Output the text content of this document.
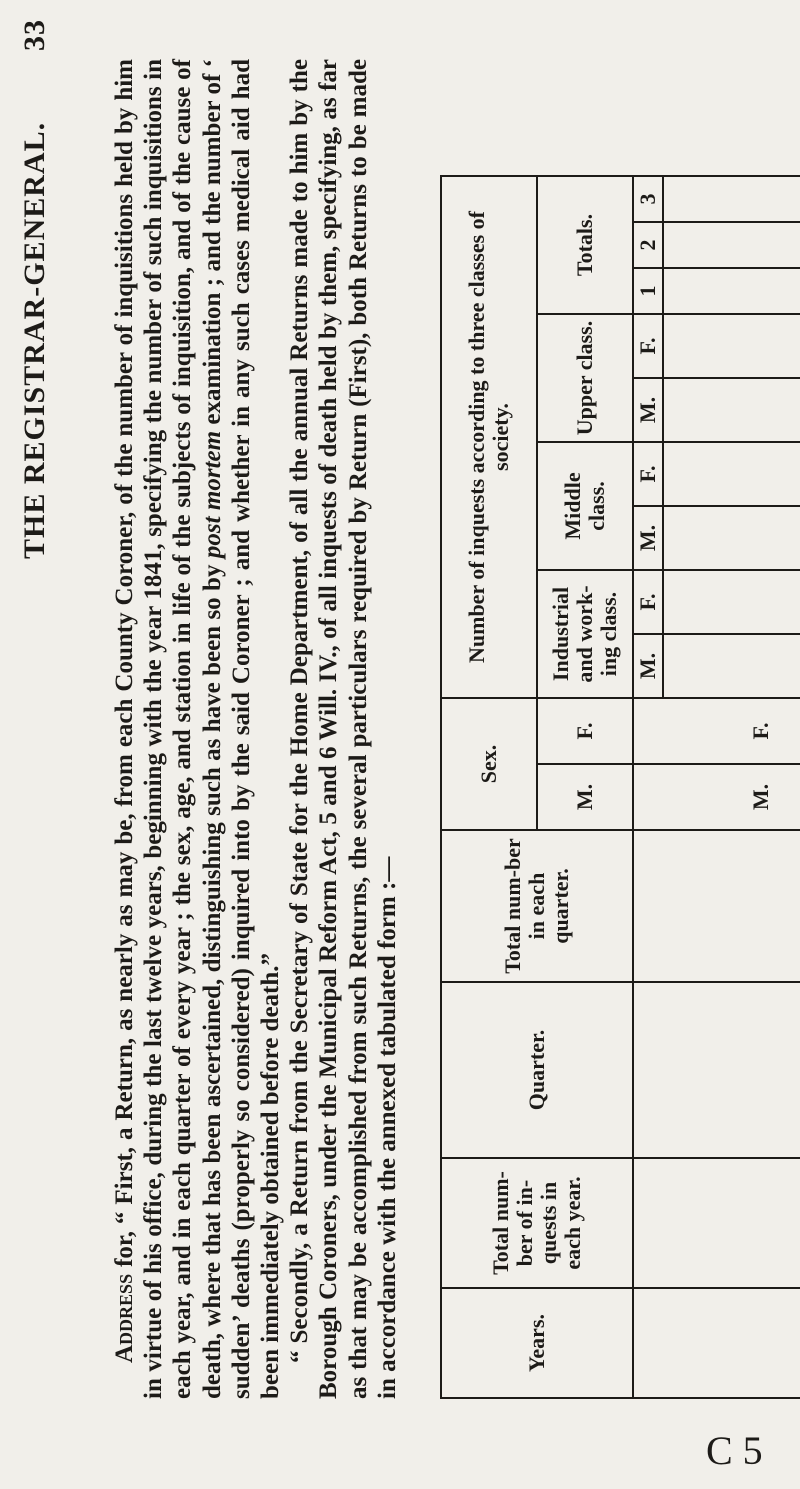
THE REGISTRAR-GENERAL.
33

Address for, “ First, a Return, as nearly as may be, from each County Coroner, of the number of inquisitions held by him in virtue of his office, during the last twelve years, beginning with the year 1841, specifying the number of such inquisitions in each year, and in each quarter of every year ; the sex, age, and station in life of the subjects of inquisition, and of the cause of death, where that has been ascertained, distinguishing such as have been so by post mortem examination ; and the number of ‘ sudden’ deaths (properly so considered) inquired into by the said Coroner ; and whether in any such cases medical aid had been immediately obtained before death.” “ Secondly, a Return from the Secretary of State for the Home Department, of all the annual Returns made to him by the Borough Coroners, under the Municipal Reform Act, 5 and 6 Will. IV., of all inquests of death held by them, specifying, as far as that may be accomplished from such Returns, the several particulars required by Return (First), both Returns to be made in accordance with the annexed tabulated form :—	Years.	Total num-ber of in-quests in each year.	Quarter.	Total num-ber in each quarter.	Sex.		Number of inquests according to three classes of society.								
				M.	F.	Industrial and work-ing class.		Middle class.		Upper class.		Totals.		
				M.	F.	M.	F.	M.	F.	M.	F.	1	2	3

C 5
